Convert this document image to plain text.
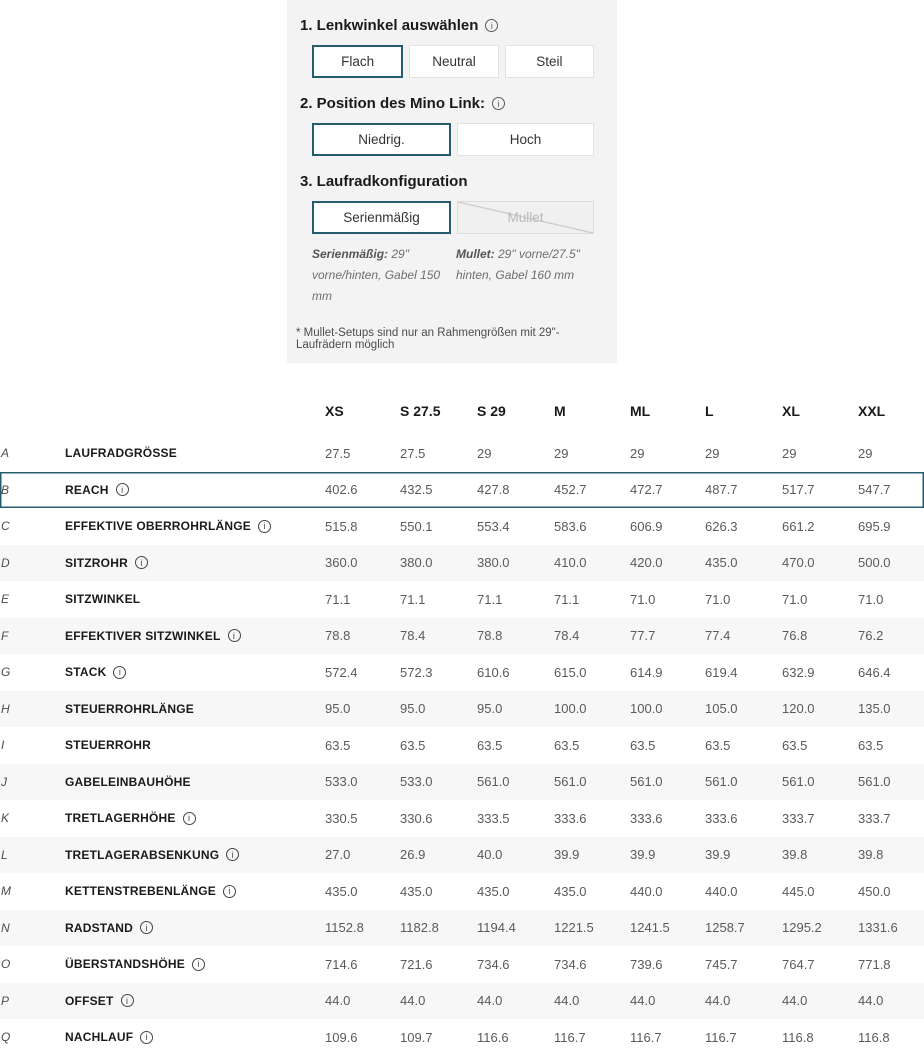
1. Lenkwinkel auswählen	i
Flach	Neutral	Steil
2. Position des Mino Link:	i
Niedrig.	Hoch
3. Laufradkonfiguration
Serienmäßig	Mullet
Serienmäßig: 29" vorne/hinten, Gabel 150 mm
Mullet: 29" vorne/27.5" hinten, Gabel 160 mm
* Mullet-Setups sind nur an Rahmengrößen mit 29"-Laufrädern möglich
XS	S 27.5	S 29	M	ML	L	XL	XXL
A	LAUFRADGRÖSSE	27.5	27.5	29	29	29	29	29	29
B	REACH	i	402.6	432.5	427.8	452.7	472.7	487.7	517.7	547.7
C	EFFEKTIVE OBERROHRLÄNGE	i	515.8	550.1	553.4	583.6	606.9	626.3	661.2	695.9
D	SITZROHR	i	360.0	380.0	380.0	410.0	420.0	435.0	470.0	500.0
E	SITZWINKEL	71.1	71.1	71.1	71.1	71.0	71.0	71.0	71.0
F	EFFEKTIVER SITZWINKEL	i	78.8	78.4	78.8	78.4	77.7	77.4	76.8	76.2
G	STACK	i	572.4	572.3	610.6	615.0	614.9	619.4	632.9	646.4
H	STEUERROHRLÄNGE	95.0	95.0	95.0	100.0	100.0	105.0	120.0	135.0
I	STEUERROHR	63.5	63.5	63.5	63.5	63.5	63.5	63.5	63.5
J	GABELEINBAUHÖHE	533.0	533.0	561.0	561.0	561.0	561.0	561.0	561.0
K	TRETLAGERHÖHE	i	330.5	330.6	333.5	333.6	333.6	333.6	333.7	333.7
L	TRETLAGERABSENKUNG	i	27.0	26.9	40.0	39.9	39.9	39.9	39.8	39.8
M	KETTENSTREBENLÄNGE	i	435.0	435.0	435.0	435.0	440.0	440.0	445.0	450.0
N	RADSTAND	i	1152.8	1182.8	1194.4	1221.5	1241.5	1258.7	1295.2	1331.6
O	ÜBERSTANDSHÖHE	i	714.6	721.6	734.6	734.6	739.6	745.7	764.7	771.8
P	OFFSET	i	44.0	44.0	44.0	44.0	44.0	44.0	44.0	44.0
Q	NACHLAUF	i	109.6	109.7	116.6	116.7	116.7	116.7	116.8	116.8
